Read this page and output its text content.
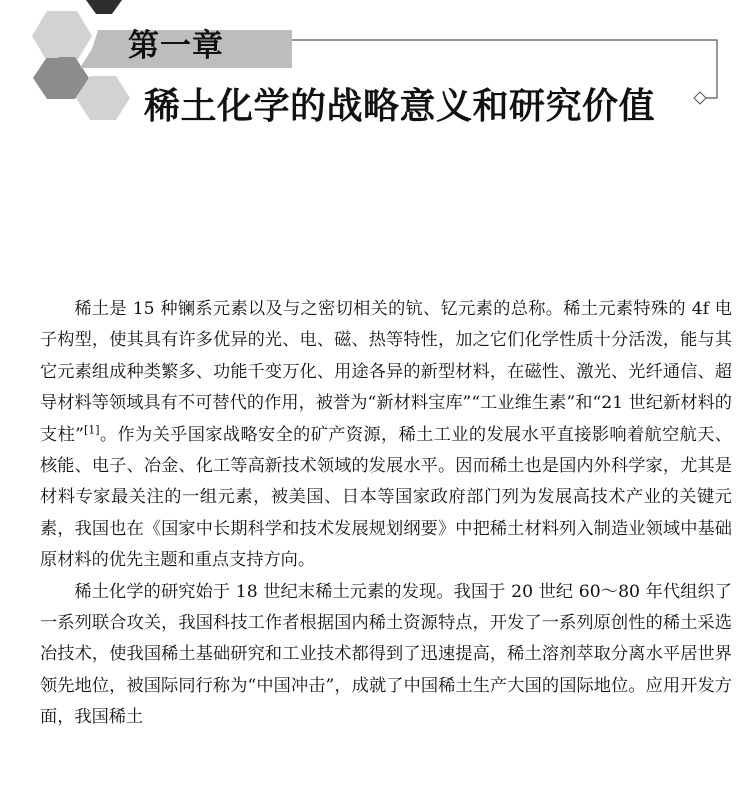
第一章
稀土化学的战略意义和研究价值

稀土是 15 种镧系元素以及与之密切相关的钪、钇元素的总称。稀土元素特殊的 4f 电子构型，使其具有许多优异的光、电、磁、热等特性，加之它们化学性质十分活泼，能与其它元素组成种类繁多、功能千变万化、用途各异的新型材料，在磁性、激光、光纤通信、超导材料等领域具有不可替代的作用，被誉为“新材料宝库”“工业维生素”和“21 世纪新材料的支柱”[1]。作为关乎国家战略安全的矿产资源，稀土工业的发展水平直接影响着航空航天、核能、电子、冶金、化工等高新技术领域的发展水平。因而稀土也是国内外科学家，尤其是材料专家最关注的一组元素，被美国、日本等国家政府部门列为发展高技术产业的关键元素，我国也在《国家中长期科学和技术发展规划纲要》中把稀土材料列入制造业领域中基础原材料的优先主题和重点支持方向。

稀土化学的研究始于 18 世纪末稀土元素的发现。我国于 20 世纪 60～80 年代组织了一系列联合攻关，我国科技工作者根据国内稀土资源特点，开发了一系列原创性的稀土采选冶技术，使我国稀土基础研究和工业技术都得到了迅速提高，稀土溶剂萃取分离水平居世界领先地位，被国际同行称为“中国冲击”，成就了中国稀土生产大国的国际地位。应用开发方面，我国稀土
